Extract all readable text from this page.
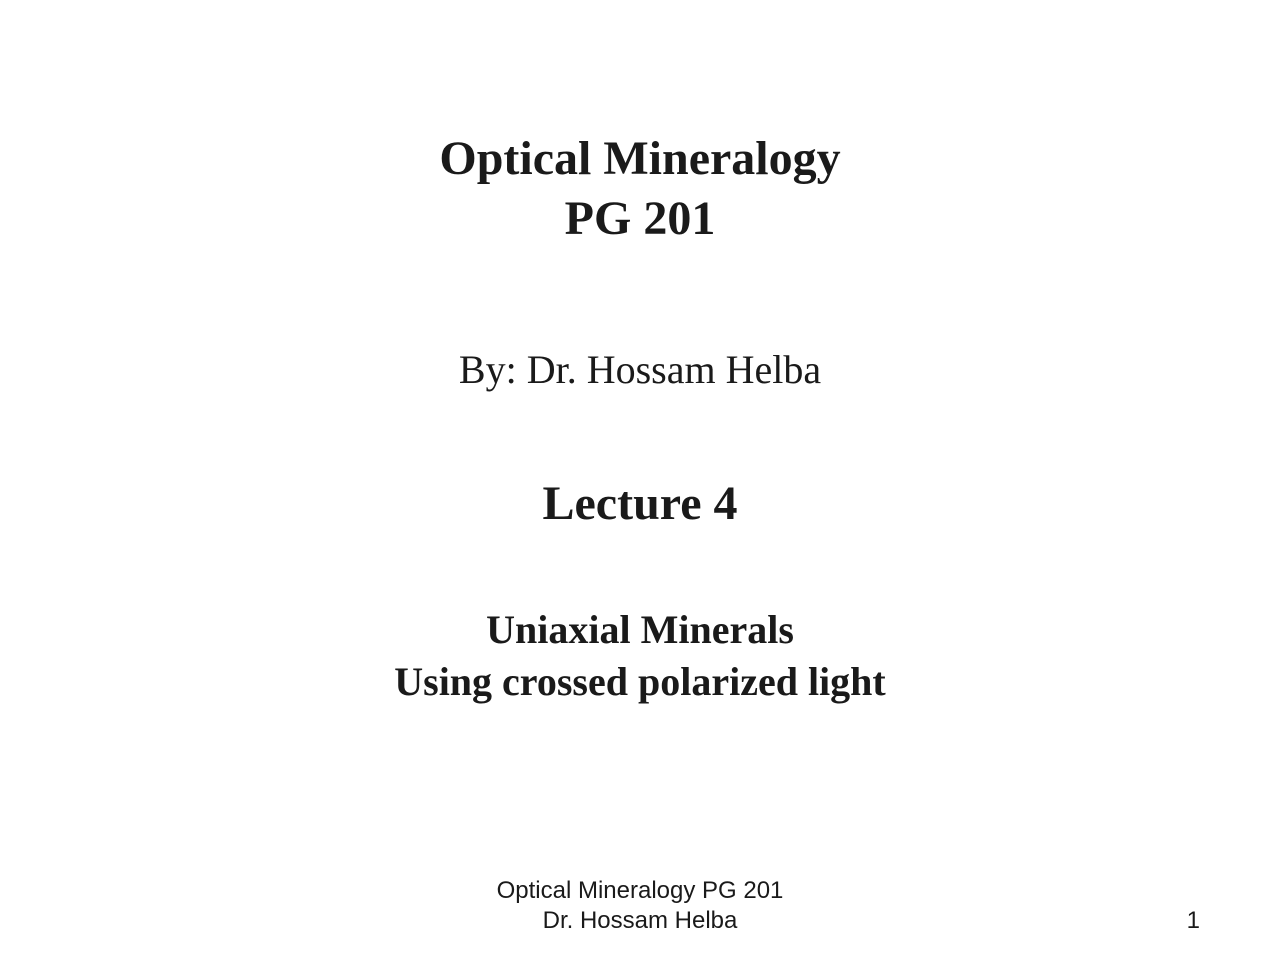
Optical Mineralogy
PG 201
By: Dr. Hossam Helba
Lecture 4
Uniaxial Minerals
Using crossed polarized light
Optical Mineralogy PG 201
Dr. Hossam Helba	1
